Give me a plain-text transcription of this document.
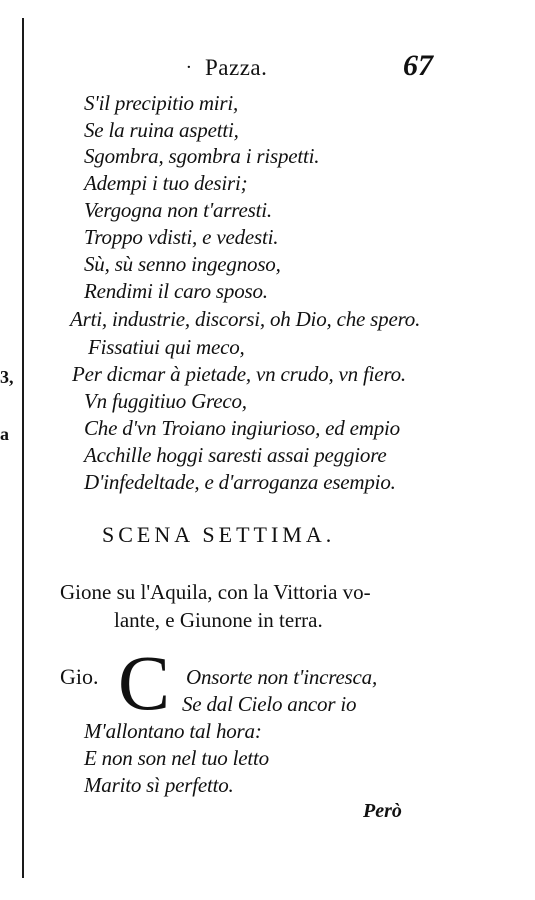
3,
a
· Pazza.	67

S'il precipitio miri,

Se la ruina aspetti,

Sgombra, sgombra i rispetti.

Adempi i tuo desiri;

Vergogna non t'arresti.

Troppo vdisti, e vedesti.

Sù, sù senno ingegnoso,

Rendimi il caro sposo.

Arti, industrie, discorsi, oh Dio, che spero.

Fissatiui qui meco,

Per dістar à pietade, vn crudo, vn fiero.

Vn fuggitiuo Greco,

Che d'vn Troiano ingiurioso, ed empio

Acchille hoggi saresti assai peggiore

D'infedeltade, e d'arroganza esempio.

SCENA SETTIMA.
Gione su l'Aquila, con la Vittoria vo-
lante, e Giunone in terra.
Gio. C Onsorte non t'incresca,

Se dal Cielo ancor io

M'allontano tal hora:

E non son nel tuo letto

Marito sì perfetto.

Però
